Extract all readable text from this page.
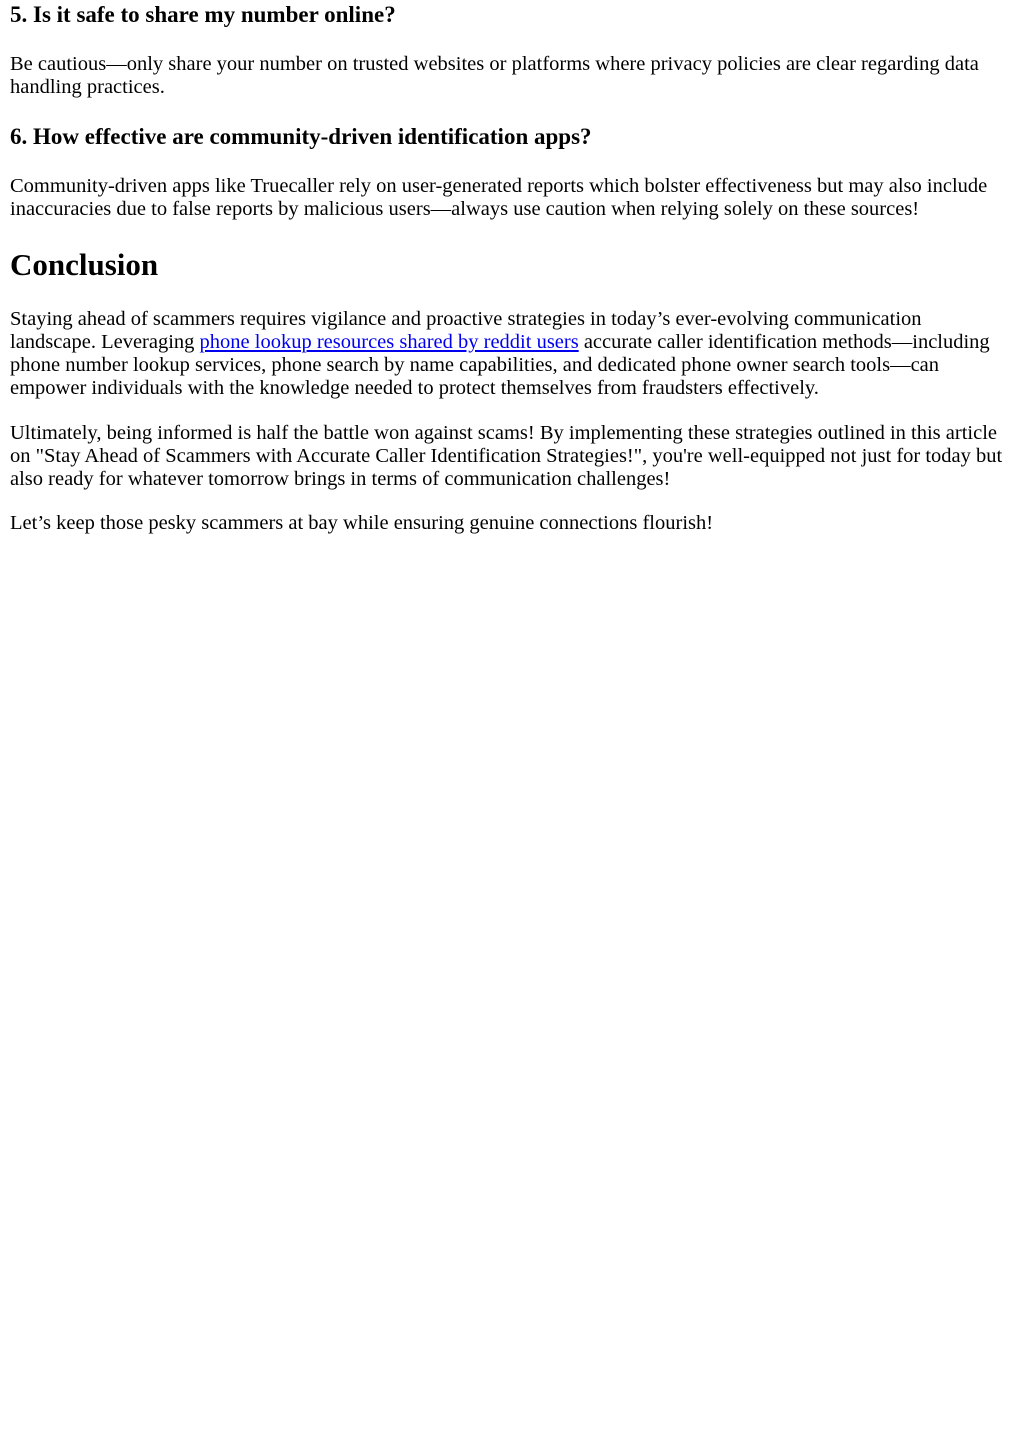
5. Is it safe to share my number online?

Be cautious—only share your number on trusted websites or platforms where privacy policies are clear regarding data handling practices.

6. How effective are community-driven identification apps?

Community-driven apps like Truecaller rely on user-generated reports which bolster effectiveness but may also include inaccuracies due to false reports by malicious users—always use caution when relying solely on these sources!

Conclusion

Staying ahead of scammers requires vigilance and proactive strategies in today’s ever-evolving communication landscape. Leveraging phone lookup resources shared by reddit users accurate caller identification methods—including phone number lookup services, phone search by name capabilities, and dedicated phone owner search tools—can empower individuals with the knowledge needed to protect themselves from fraudsters effectively.

Ultimately, being informed is half the battle won against scams! By implementing these strategies outlined in this article on "Stay Ahead of Scammers with Accurate Caller Identification Strategies!", you're well-equipped not just for today but also ready for whatever tomorrow brings in terms of communication challenges!

Let’s keep those pesky scammers at bay while ensuring genuine connections flourish!
